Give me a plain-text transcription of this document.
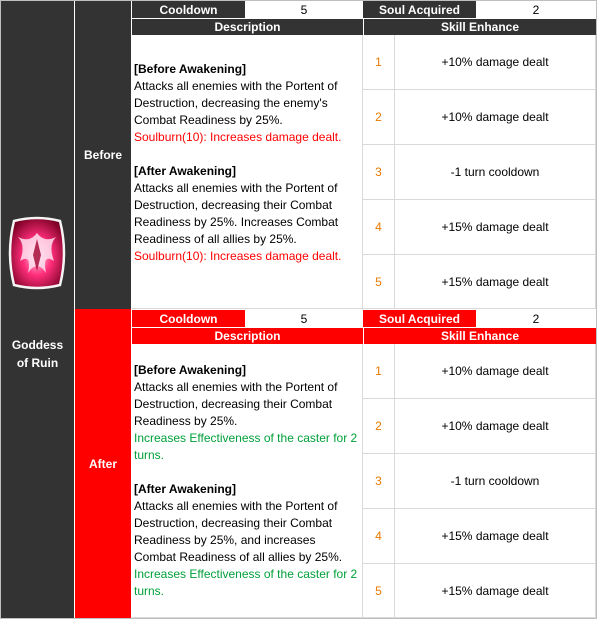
Goddess
of Ruin
Before
After
Cooldown	5	Soul Acquired	2
Description	Skill Enhance

[Before Awakening]

Attacks all enemies with the Portent of Destruction, decreasing the enemy's Combat Readiness by 25%.

Soulburn(10): Increases damage dealt.

[After Awakening]

Attacks all enemies with the Portent of Destruction, decreasing their Combat Readiness by 25%. Increases Combat Readiness of all allies by 25%.

Soulburn(10): Increases damage dealt.

1	+10% damage dealt
2	+10% damage dealt
3	-1 turn cooldown
4	+15% damage dealt
5	+15% damage dealt
Cooldown	5	Soul Acquired	2
Description	Skill Enhance

[Before Awakening]

Attacks all enemies with the Portent of Destruction, decreasing their Combat Readiness by 25%.

Increases Effectiveness of the caster for 2 turns.

[After Awakening]

Attacks all enemies with the Portent of Destruction, decreasing their Combat Readiness by 25%, and increases Combat Readiness of all allies by 25%. Increases Effectiveness of the caster for 2 turns.

1	+10% damage dealt
2	+10% damage dealt
3	-1 turn cooldown
4	+15% damage dealt
5	+15% damage dealt
